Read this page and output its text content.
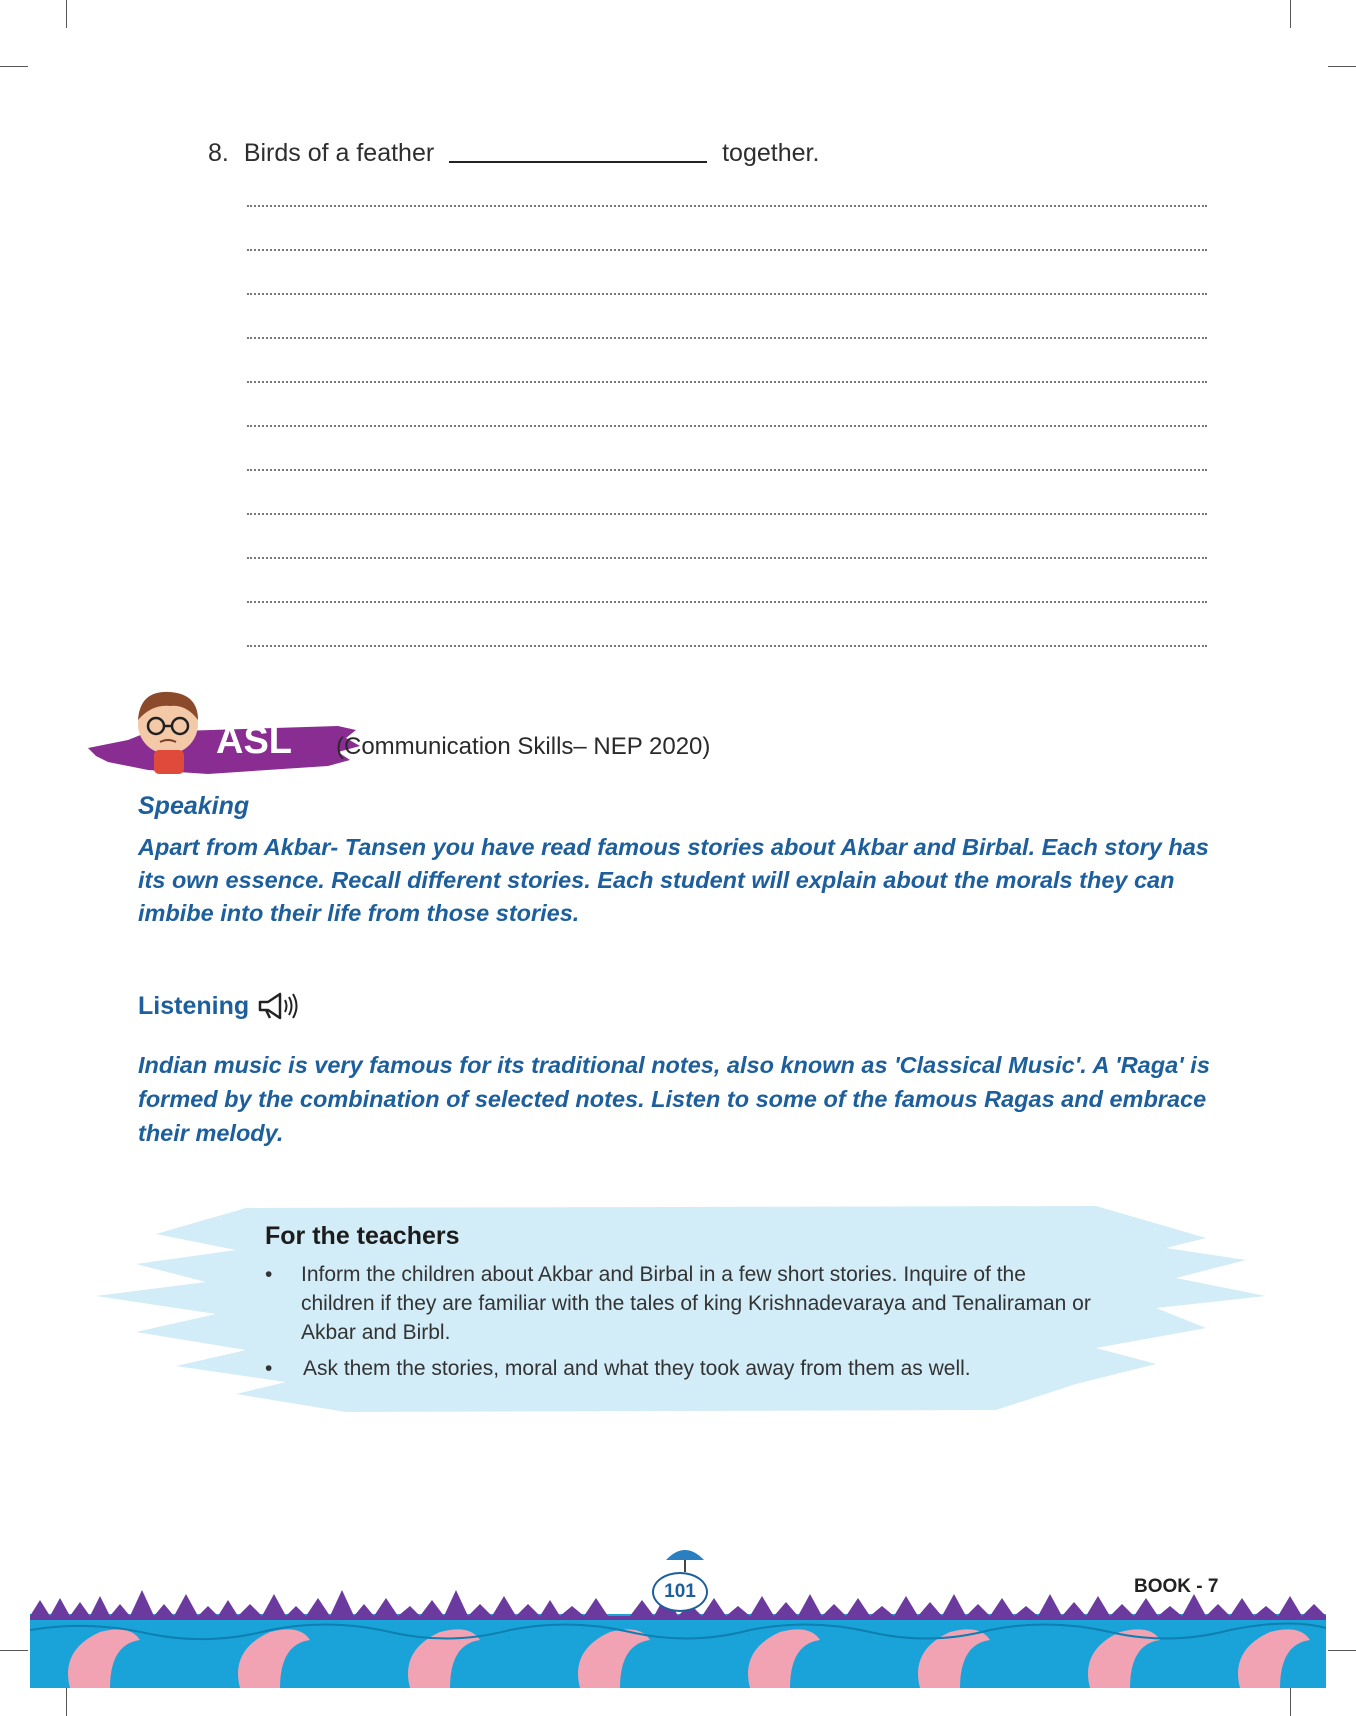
8. Birds of a feather	together.
ASL (Communication Skills– NEP 2020)
Speaking
Apart from Akbar- Tansen you have read famous stories about Akbar and Birbal. Each story has its own essence. Recall different stories. Each student will explain about the morals they can imbibe into their life from those stories.
Listening
Indian music is very famous for its traditional notes, also known as 'Classical Music'. A 'Raga' is formed by the combination of selected notes. Listen to some of the famous Ragas and embrace their melody.
For the teachers
• Inform the children about Akbar and Birbal in a few short stories. Inquire of the children if they are familiar with the tales of king Krishnadevaraya and Tenaliraman or Akbar and Birbl.
• Ask them the stories, moral and what they took away from them as well.
101	BOOK - 7
